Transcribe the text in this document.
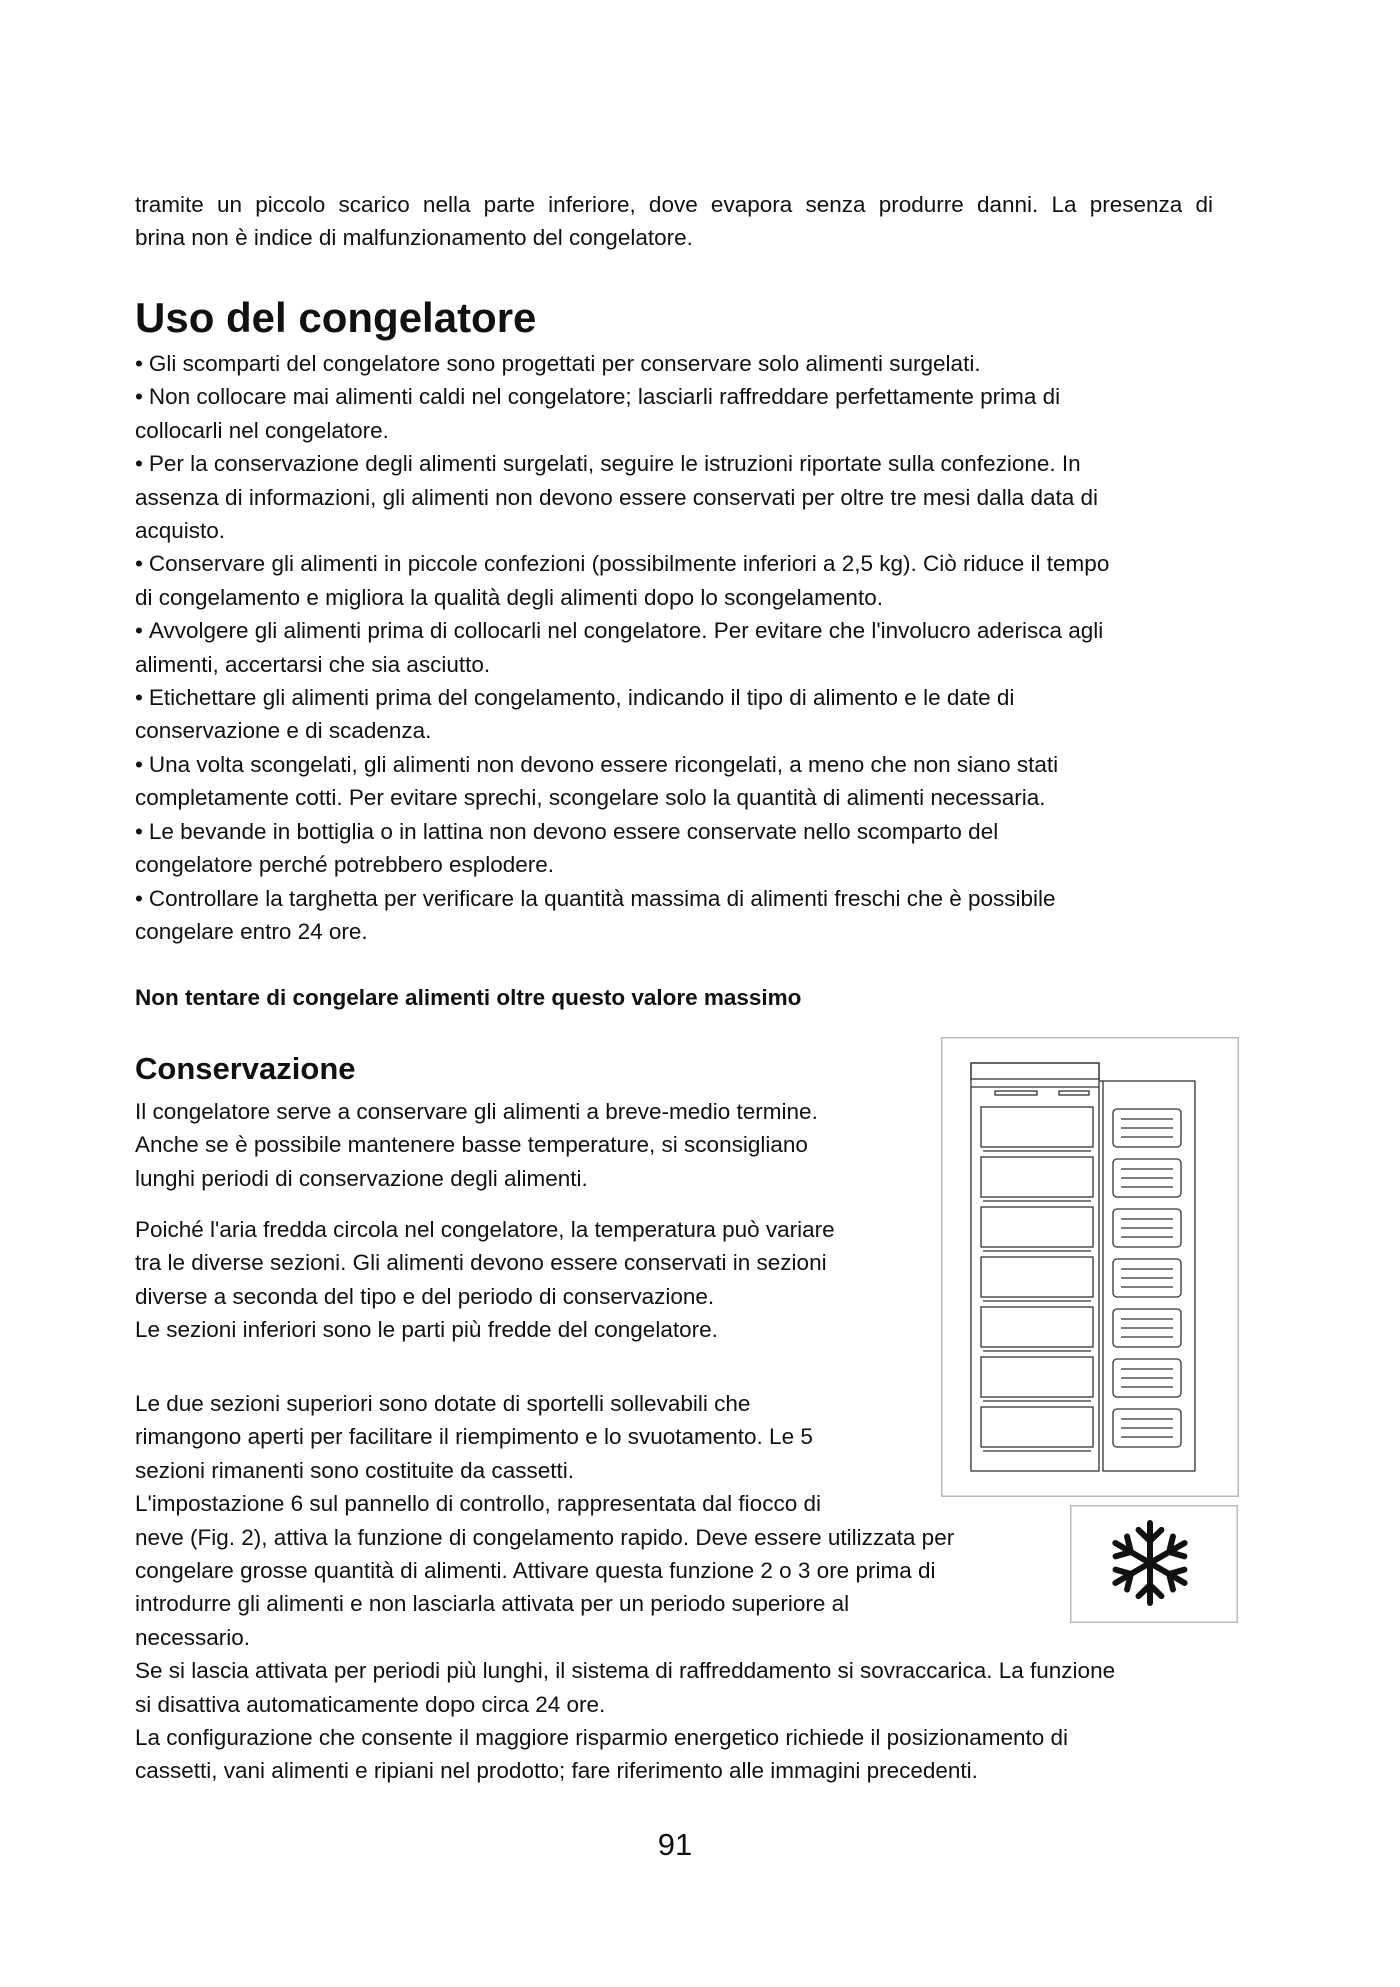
tramite un piccolo scarico nella parte inferiore, dove evapora senza produrre danni. La presenza di
brina non è indice di malfunzionamento del congelatore.
Uso del congelatore
• Gli scomparti del congelatore sono progettati per conservare solo alimenti surgelati.
• Non collocare mai alimenti caldi nel congelatore; lasciarli raffreddare perfettamente prima di
collocarli nel congelatore.
• Per la conservazione degli alimenti surgelati, seguire le istruzioni riportate sulla confezione. In
assenza di informazioni, gli alimenti non devono essere conservati per oltre tre mesi dalla data di
acquisto.
• Conservare gli alimenti in piccole confezioni (possibilmente inferiori a 2,5 kg). Ciò riduce il tempo
di congelamento e migliora la qualità degli alimenti dopo lo scongelamento.
• Avvolgere gli alimenti prima di collocarli nel congelatore. Per evitare che l'involucro aderisca agli
alimenti, accertarsi che sia asciutto.
• Etichettare gli alimenti prima del congelamento, indicando il tipo di alimento e le date di
conservazione e di scadenza.
• Una volta scongelati, gli alimenti non devono essere ricongelati, a meno che non siano stati
completamente cotti. Per evitare sprechi, scongelare solo la quantità di alimenti necessaria.
• Le bevande in bottiglia o in lattina non devono essere conservate nello scomparto del
congelatore perché potrebbero esplodere.
• Controllare la targhetta per verificare la quantità massima di alimenti freschi che è possibile
congelare entro 24 ore.
Non tentare di congelare alimenti oltre questo valore massimo
Conservazione
Il congelatore serve a conservare gli alimenti a breve-medio termine.
Anche se è possibile mantenere basse temperature, si sconsigliano
lunghi periodi di conservazione degli alimenti.
Poiché l'aria fredda circola nel congelatore, la temperatura può variare
tra le diverse sezioni. Gli alimenti devono essere conservati in sezioni
diverse a seconda del tipo e del periodo di conservazione.
Le sezioni inferiori sono le parti più fredde del congelatore.
Le due sezioni superiori sono dotate di sportelli sollevabili che
rimangono aperti per facilitare il riempimento e lo svuotamento. Le 5
sezioni rimanenti sono costituite da cassetti.
L'impostazione 6 sul pannello di controllo, rappresentata dal fiocco di
neve (Fig. 2), attiva la funzione di congelamento rapido. Deve essere utilizzata per
congelare grosse quantità di alimenti. Attivare questa funzione 2 o 3 ore prima di
introdurre gli alimenti e non lasciarla attivata per un periodo superiore al
necessario.
Se si lascia attivata per periodi più lunghi, il sistema di raffreddamento si sovraccarica. La funzione
si disattiva automaticamente dopo circa 24 ore.
La configurazione che consente il maggiore risparmio energetico richiede il posizionamento di
cassetti, vani alimenti e ripiani nel prodotto; fare riferimento alle immagini precedenti.
91
